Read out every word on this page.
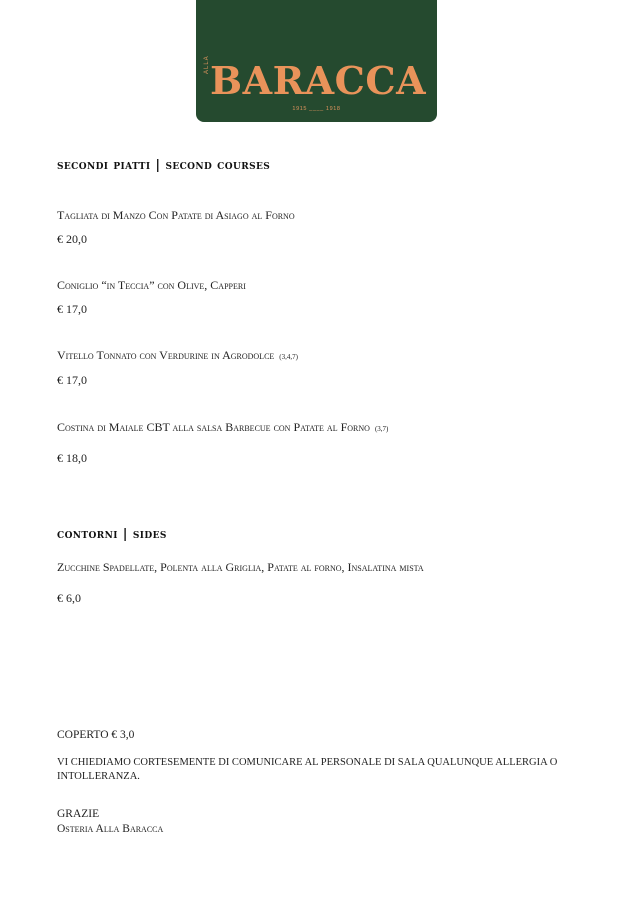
ALLA BARACCA
1915 ____ 1918
secondi piatti | second courses
Tagliata di Manzo Con Patate di Asiago al Forno
€ 20,0
Coniglio “in Teccia” con Olive, Capperi
€ 17,0
Vitello Tonnato con Verdurine in Agrodolce (3,4,7)
€ 17,0
Costina di Maiale CBT alla salsa Barbecue con Patate al Forno (3,7)
€ 18,0
contorni | sides
Zucchine Spadellate, Polenta alla Griglia, Patate al forno, Insalatina mista
€ 6,0
COPERTO € 3,0
VI CHIEDIAMO CORTESEMENTE DI COMUNICARE AL PERSONALE DI SALA QUALUNQUE ALLERGIA O INTOLLERANZA.
GRAZIE
Osteria Alla Baracca
